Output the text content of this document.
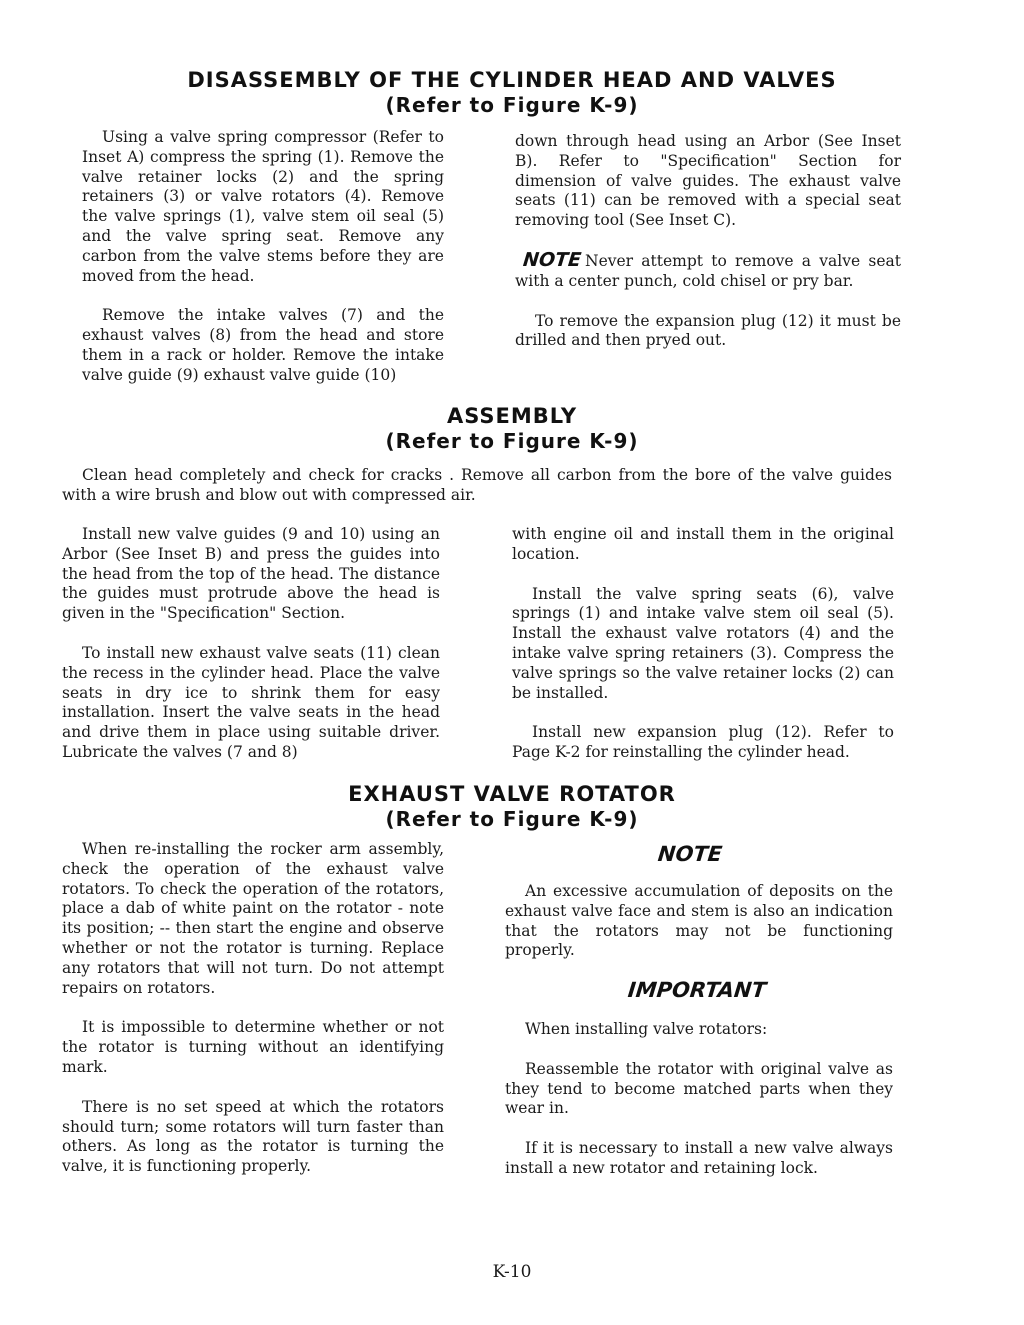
DISASSEMBLY OF THE CYLINDER HEAD AND VALVES
(Refer to Figure K-9)

Using a valve spring compressor (Refer to Inset A) compress the spring (1). Remove the valve retainer locks (2) and the spring retainers (3) or valve rotators (4). Remove the valve springs (1), valve stem oil seal (5) and the valve spring seat. Remove any carbon from the valve stems before they are moved from the head.

Remove the intake valves (7) and the exhaust valves (8) from the head and store them in a rack or holder. Remove the intake valve guide (9) exhaust valve guide (10)

down through head using an Arbor (See Inset B). Refer to "Specification" Section for dimension of valve guides. The exhaust valve seats (11) can be removed with a special seat removing tool (See Inset C).

NOTE Never attempt to remove a valve seat with a center punch, cold chisel or pry bar.

To remove the expansion plug (12) it must be drilled and then pryed out.

ASSEMBLY
(Refer to Figure K-9)

Clean head completely and check for cracks . Remove all carbon from the bore of the valve guides with a wire brush and blow out with compressed air.

Install new valve guides (9 and 10) using an Arbor (See Inset B) and press the guides into the head from the top of the head. The distance the guides must protrude above the head is given in the "Specification" Section.

To install new exhaust valve seats (11) clean the recess in the cylinder head. Place the valve seats in dry ice to shrink them for easy installation. Insert the valve seats in the head and drive them in place using suitable driver. Lubricate the valves (7 and 8)

with engine oil and install them in the original location.

Install the valve spring seats (6), valve springs (1) and intake valve stem oil seal (5). Install the exhaust valve rotators (4) and the intake valve spring retainers (3). Compress the valve springs so the valve retainer locks (2) can be installed.

Install new expansion plug (12). Refer to Page K-2 for reinstalling the cylinder head.

EXHAUST VALVE ROTATOR
(Refer to Figure K-9)

When re-installing the rocker arm assembly, check the operation of the exhaust valve rotators. To check the operation of the rotators, place a dab of white paint on the rotator - note its position; -- then start the engine and observe whether or not the rotator is turning. Replace any rotators that will not turn. Do not attempt repairs on rotators.

It is impossible to determine whether or not the rotator is turning without an identifying mark.

There is no set speed at which the rotators should turn; some rotators will turn faster than others. As long as the rotator is turning the valve, it is functioning properly.

NOTE

An excessive accumulation of deposits on the exhaust valve face and stem is also an indication that the rotators may not be functioning properly.

IMPORTANT

When installing valve rotators:

Reassemble the rotator with original valve as they tend to become matched parts when they wear in.

If it is necessary to install a new valve always install a new rotator and retaining lock.

K-10
